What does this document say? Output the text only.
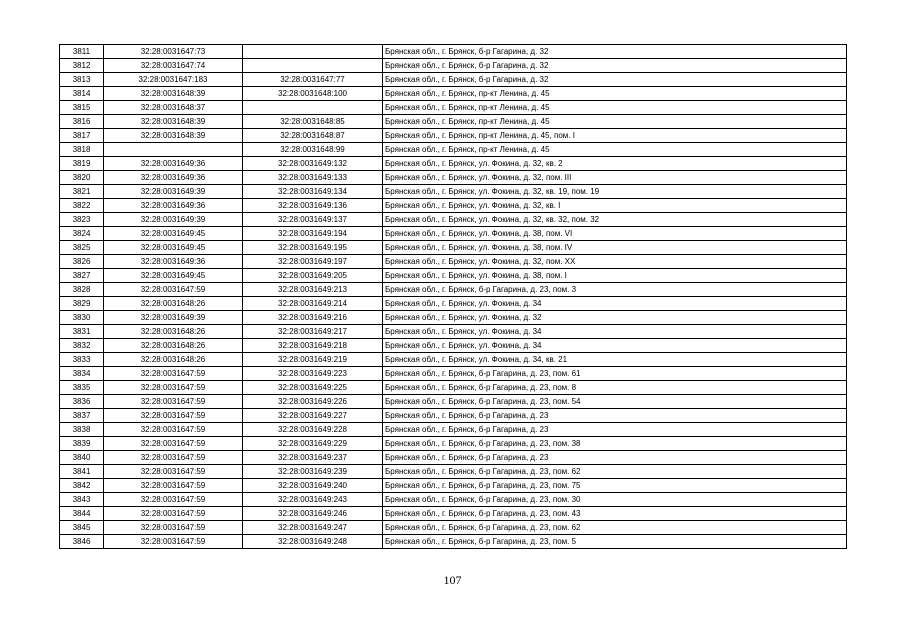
3811	32:28:0031647:73		Брянская обл., г. Брянск, б-р Гагарина, д. 32
3812	32:28:0031647:74		Брянская обл., г. Брянск, б-р Гагарина, д. 32
3813	32:28:0031647:183	32:28:0031647:77	Брянская обл., г. Брянск, б-р Гагарина, д. 32
3814	32:28:0031648:39	32:28:0031648:100	Брянская обл., г. Брянск, пр-кт Ленина, д. 45
3815	32:28:0031648:37		Брянская обл., г. Брянск, пр-кт Ленина, д. 45
3816	32:28:0031648:39	32:28:0031648:85	Брянская обл., г. Брянск, пр-кт Ленина, д. 45
3817	32:28:0031648:39	32:28:0031648:87	Брянская обл., г. Брянск, пр-кт Ленина, д. 45, пом. I
3818		32:28:0031648:99	Брянская обл., г. Брянск, пр-кт Ленина, д. 45
3819	32:28:0031649:36	32:28:0031649:132	Брянская обл., г. Брянск, ул. Фокина, д. 32, кв. 2
3820	32:28:0031649:36	32:28:0031649:133	Брянская обл., г. Брянск, ул. Фокина, д. 32, пом. III
3821	32:28:0031649:39	32:28:0031649:134	Брянская обл., г. Брянск, ул. Фокина, д. 32, кв. 19, пом. 19
3822	32:28:0031649:36	32:28:0031649:136	Брянская обл., г. Брянск, ул. Фокина, д. 32, кв. I
3823	32:28:0031649:39	32:28:0031649:137	Брянская обл., г. Брянск, ул. Фокина, д. 32, кв. 32, пом. 32
3824	32:28:0031649:45	32:28:0031649:194	Брянская обл., г. Брянск, ул. Фокина, д. 38, пом. VI
3825	32:28:0031649:45	32:28:0031649:195	Брянская обл., г. Брянск, ул. Фокина, д. 38, пом. IV
3826	32:28:0031649:36	32:28:0031649:197	Брянская обл., г. Брянск, ул. Фокина, д. 32, пом. XX
3827	32:28:0031649:45	32:28:0031649:205	Брянская обл., г. Брянск, ул. Фокина, д. 38, пом. I
3828	32:28:0031647:59	32:28:0031649:213	Брянская обл., г. Брянск, б-р Гагарина, д. 23, пом. 3
3829	32:28:0031648:26	32:28:0031649:214	Брянская обл., г. Брянск, ул. Фокина, д. 34
3830	32:28:0031649:39	32:28:0031649:216	Брянская обл., г. Брянск, ул. Фокина, д. 32
3831	32:28:0031648:26	32:28:0031649:217	Брянская обл., г. Брянск, ул. Фокина, д. 34
3832	32:28:0031648:26	32:28:0031649:218	Брянская обл., г. Брянск, ул. Фокина, д. 34
3833	32:28:0031648:26	32:28:0031649:219	Брянская обл., г. Брянск, ул. Фокина, д. 34, кв. 21
3834	32:28:0031647:59	32:28:0031649:223	Брянская обл., г. Брянск, б-р Гагарина, д. 23, пом. 61
3835	32:28:0031647:59	32:28:0031649:225	Брянская обл., г. Брянск, б-р Гагарина, д. 23, пом. 8
3836	32:28:0031647:59	32:28:0031649:226	Брянская обл., г. Брянск, б-р Гагарина, д. 23, пом. 54
3837	32:28:0031647:59	32:28:0031649:227	Брянская обл., г. Брянск, б-р Гагарина, д. 23
3838	32:28:0031647:59	32:28:0031649:228	Брянская обл., г. Брянск, б-р Гагарина, д. 23
3839	32:28:0031647:59	32:28:0031649:229	Брянская обл., г. Брянск, б-р Гагарина, д. 23, пом. 38
3840	32:28:0031647:59	32:28:0031649:237	Брянская обл., г. Брянск, б-р Гагарина, д. 23
3841	32:28:0031647:59	32:28:0031649:239	Брянская обл., г. Брянск, б-р Гагарина, д. 23, пом. 62
3842	32:28:0031647:59	32:28:0031649:240	Брянская обл., г. Брянск, б-р Гагарина, д. 23, пом. 75
3843	32:28:0031647:59	32:28:0031649:243	Брянская обл., г. Брянск, б-р Гагарина, д. 23, пом. 30
3844	32:28:0031647:59	32:28:0031649:246	Брянская обл., г. Брянск, б-р Гагарина, д. 23, пом. 43
3845	32:28:0031647:59	32:28:0031649:247	Брянская обл., г. Брянск, б-р Гагарина, д. 23, пом. 62
3846	32:28:0031647:59	32:28:0031649:248	Брянская обл., г. Брянск, б-р Гагарина, д. 23, пом. 5
107
